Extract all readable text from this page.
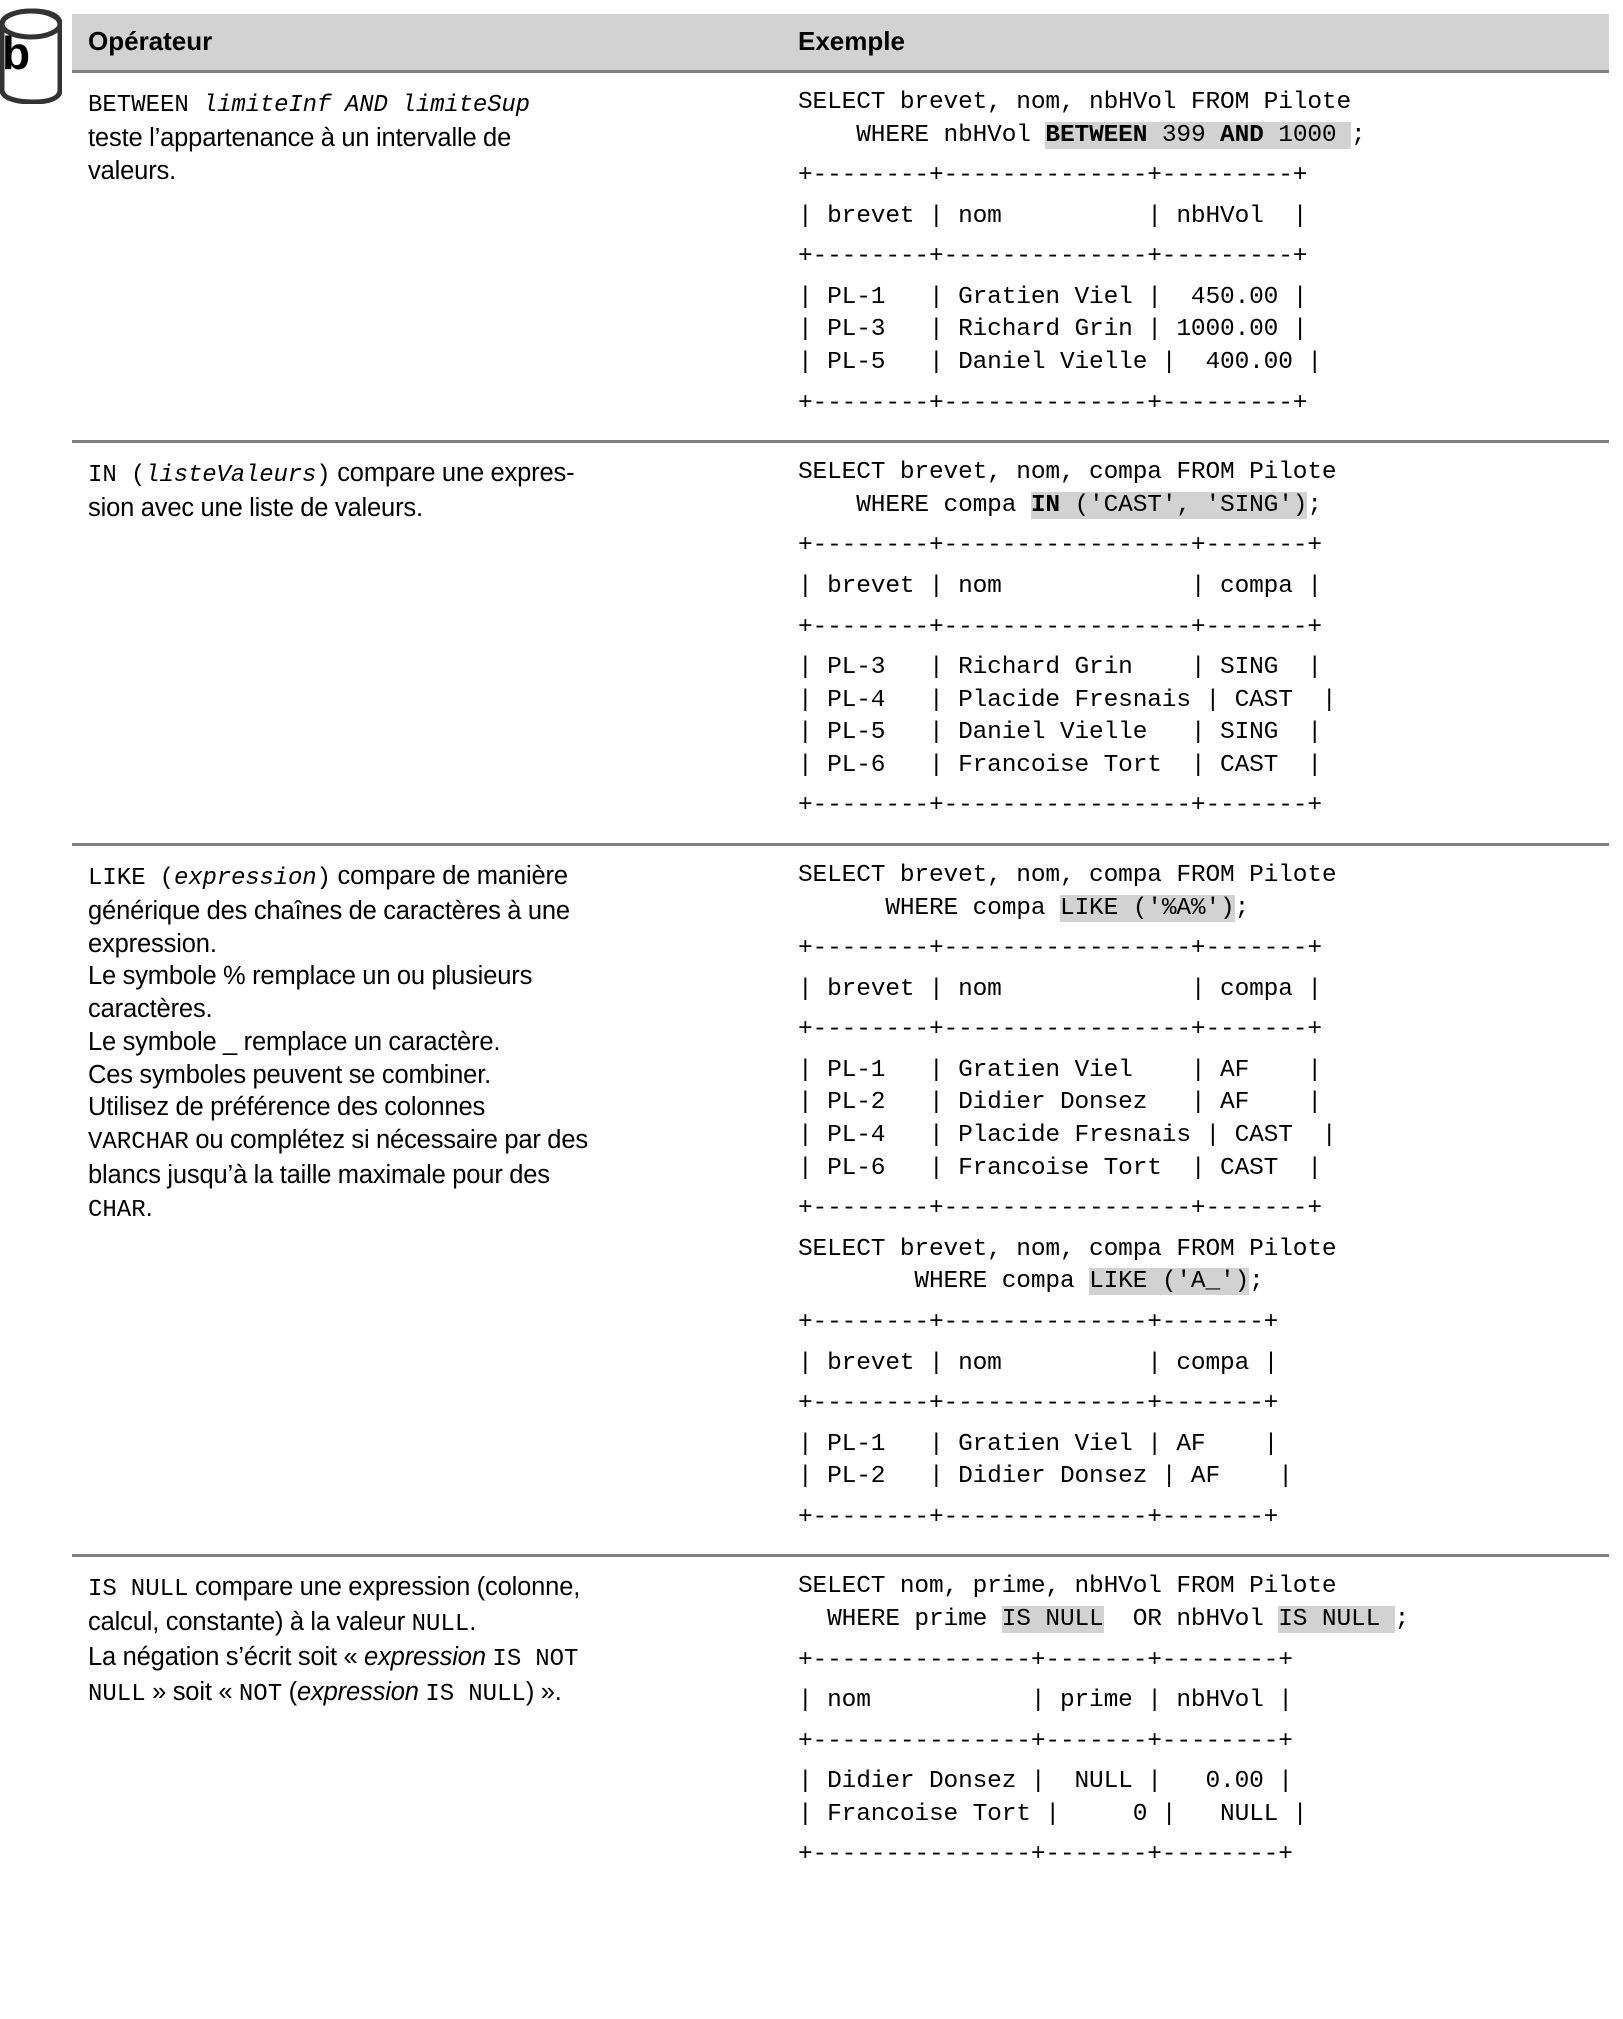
b Opérateur	Exemple

BETWEEN limiteInf AND limiteSup
teste l’appartenance à un intervalle de
valeurs.

SELECT brevet, nom, nbHVol FROM Pilote
WHERE nbHVol BETWEEN 399 AND 1000 ;
+--------+--------------+---------+
| brevet | nom          | nbHVol  |
+--------+--------------+---------+
| PL-1   | Gratien Viel |  450.00 |
| PL-3   | Richard Grin | 1000.00 |
| PL-5   | Daniel Vielle |  400.00 |
+--------+--------------+---------+

IN (listeValeurs) compare une expres-
sion avec une liste de valeurs.

SELECT brevet, nom, compa FROM Pilote
WHERE compa IN ('CAST', 'SING');
+--------+-----------------+-------+
| brevet | nom             | compa |
+--------+-----------------+-------+
| PL-3   | Richard Grin    | SING  |
| PL-4   | Placide Fresnais | CAST  |
| PL-5   | Daniel Vielle   | SING  |
| PL-6   | Francoise Tort  | CAST  |
+--------+-----------------+-------+

LIKE (expression) compare de manière
générique des chaînes de caractères à une
expression.
Le symbole % remplace un ou plusieurs
caractères.
Le symbole _ remplace un caractère.
Ces symboles peuvent se combiner.
Utilisez de préférence des colonnes
VARCHAR ou complétez si nécessaire par des
blancs jusqu’à la taille maximale pour des
CHAR.

SELECT brevet, nom, compa FROM Pilote
WHERE compa LIKE ('%A%');
+--------+-----------------+-------+
| brevet | nom             | compa |
+--------+-----------------+-------+
| PL-1   | Gratien Viel    | AF    |
| PL-2   | Didier Donsez   | AF    |
| PL-4   | Placide Fresnais | CAST  |
| PL-6   | Francoise Tort  | CAST  |
+--------+-----------------+-------+
SELECT brevet, nom, compa FROM Pilote
WHERE compa LIKE ('A_');
+--------+--------------+-------+
| brevet | nom          | compa |
+--------+--------------+-------+
| PL-1   | Gratien Viel | AF    |
| PL-2   | Didier Donsez | AF    |
+--------+--------------+-------+

IS NULL compare une expression (colonne,
calcul, constante) à la valeur NULL.
La négation s’écrit soit « expression IS NOT
NULL » soit « NOT (expression IS NULL) ».

SELECT nom, prime, nbHVol FROM Pilote
WHERE prime IS NULL  OR nbHVol IS NULL ;
+---------------+-------+--------+
| nom           | prime | nbHVol |
+---------------+-------+--------+
| Didier Donsez |  NULL |   0.00 |
| Francoise Tort |     0 |   NULL |
+---------------+-------+--------+
